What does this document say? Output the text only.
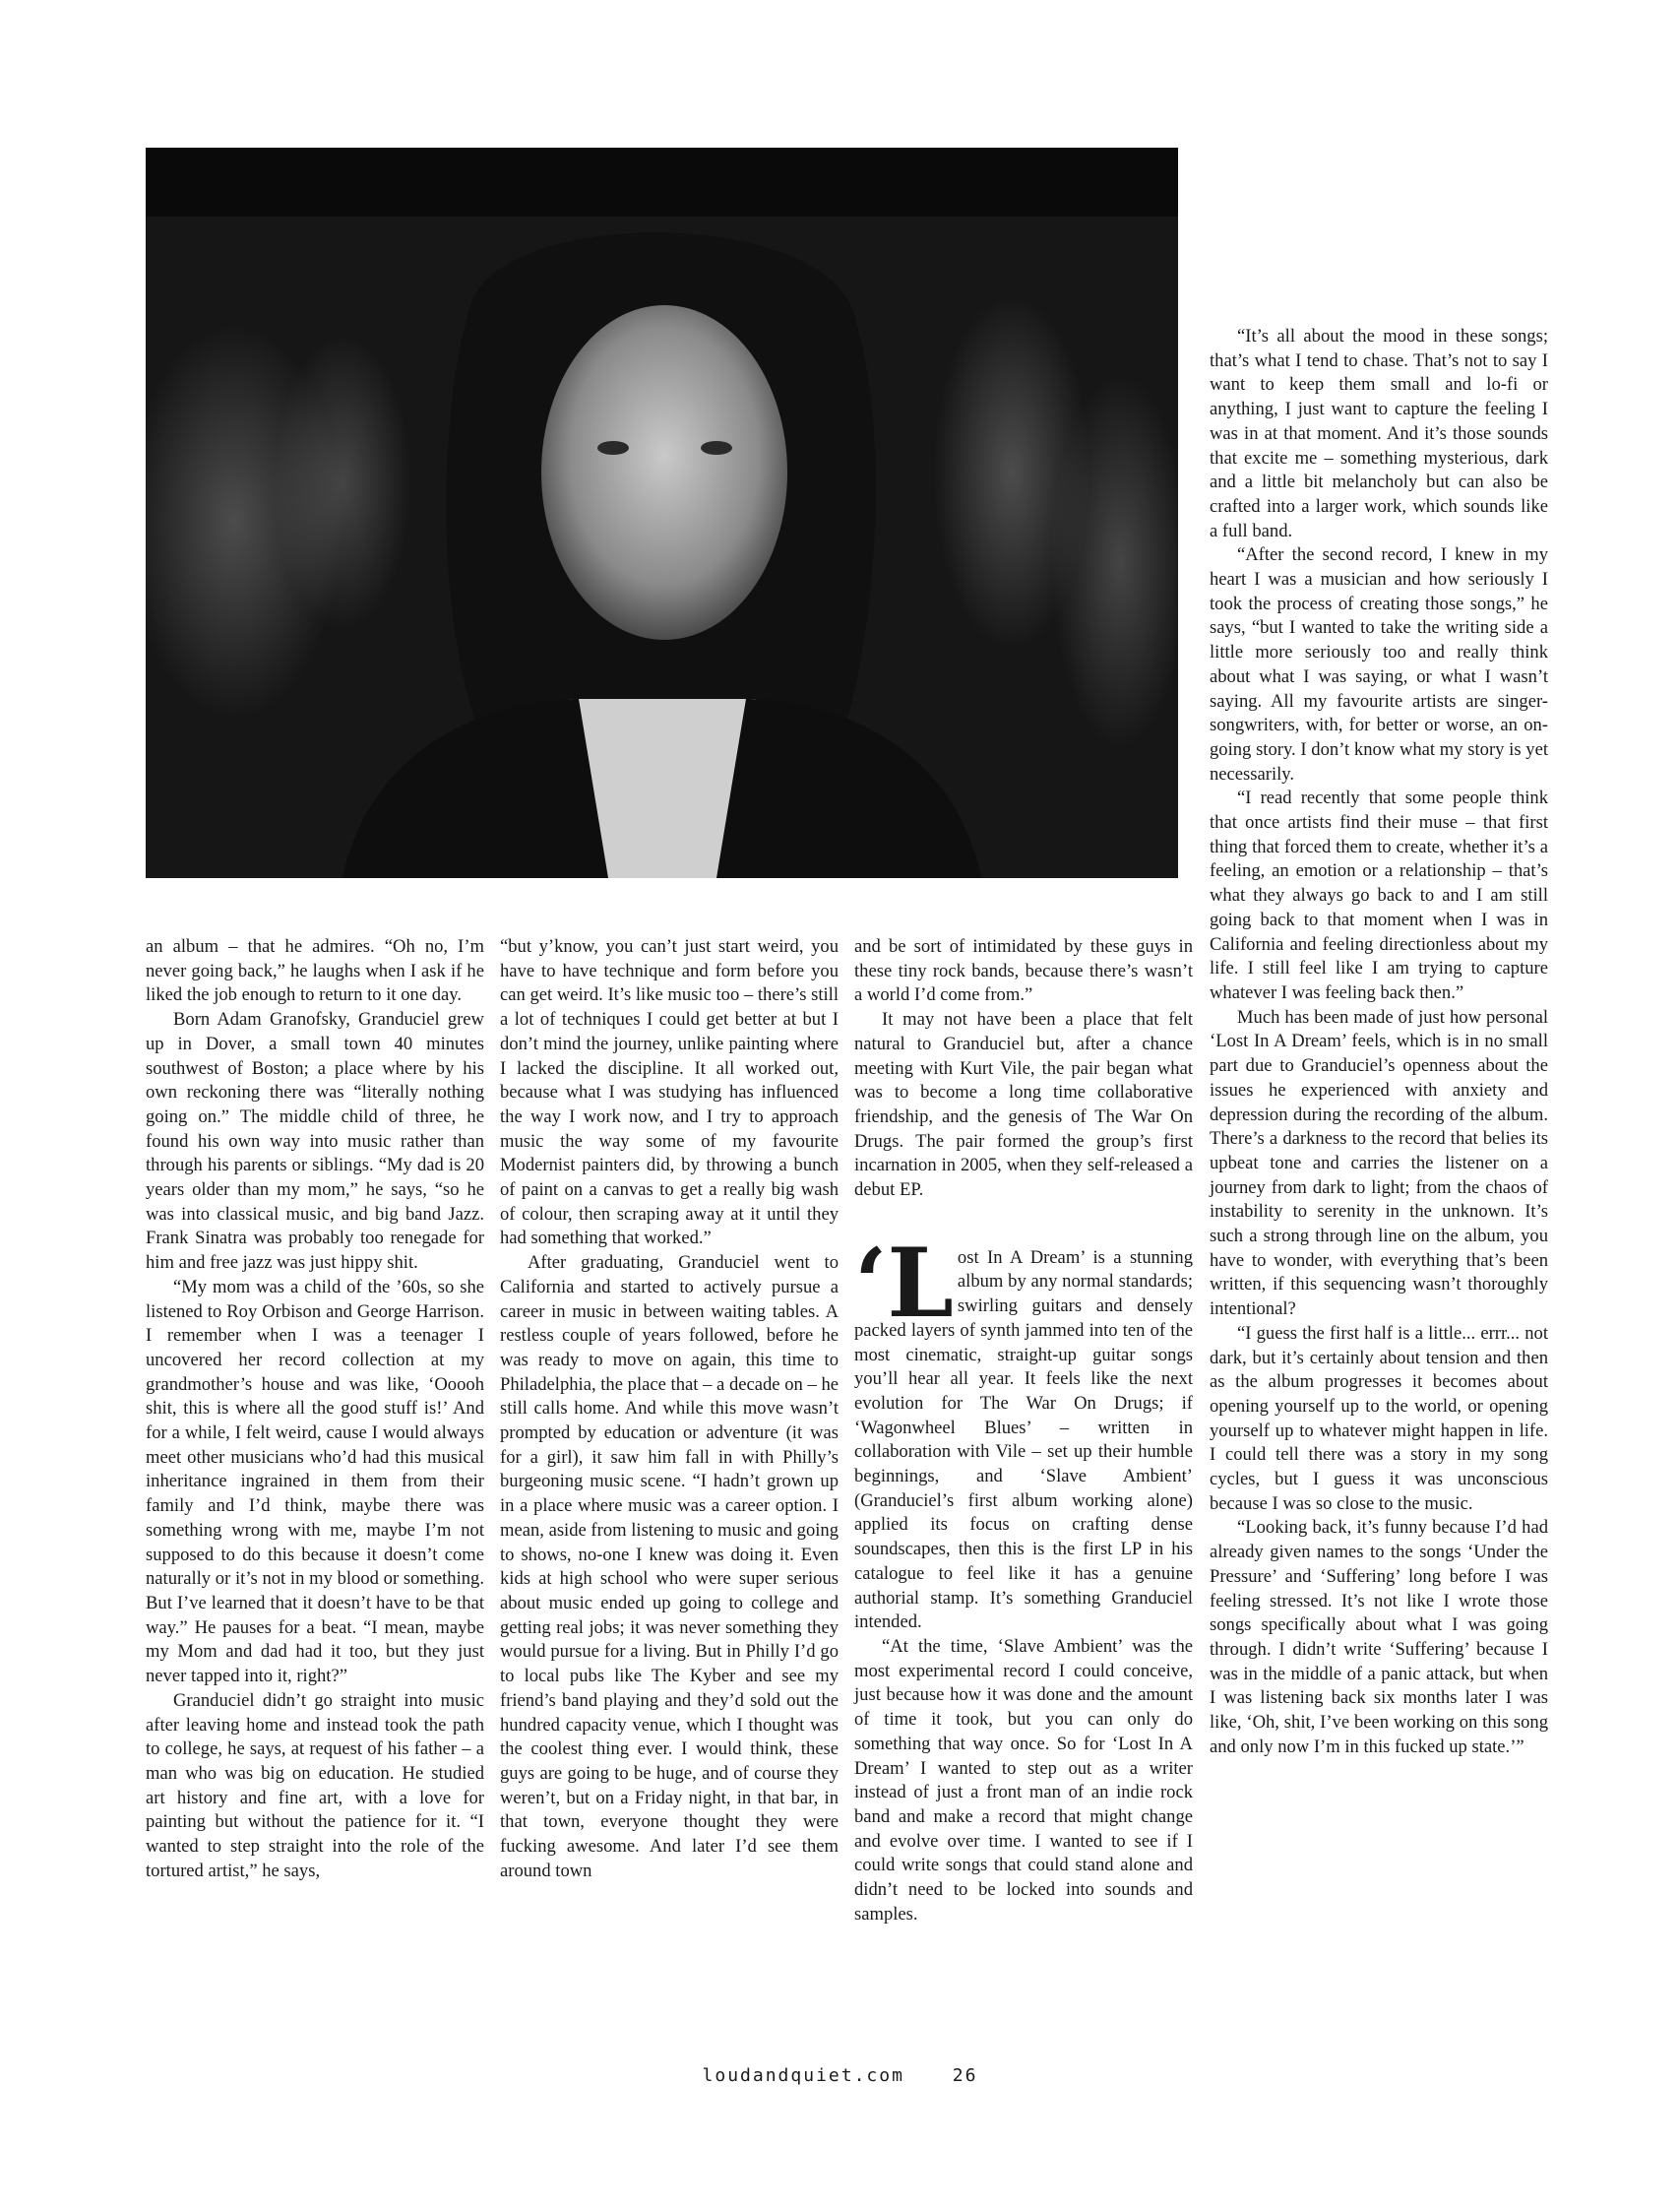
an album – that he admires. “Oh no, I’m never going back,” he laughs when I ask if he liked the job enough to return to it one day.

Born Adam Granofsky, Granduciel grew up in Dover, a small town 40 minutes southwest of Boston; a place where by his own reckoning there was “literally nothing going on.” The middle child of three, he found his own way into music rather than through his parents or siblings. “My dad is 20 years older than my mom,” he says, “so he was into classical music, and big band Jazz. Frank Sinatra was probably too renegade for him and free jazz was just hippy shit.

“My mom was a child of the ’60s, so she listened to Roy Orbison and George Harrison. I remember when I was a teenager I uncovered her record collection at my grandmother’s house and was like, ‘Ooooh shit, this is where all the good stuff is!’ And for a while, I felt weird, cause I would always meet other musicians who’d had this musical inheritance ingrained in them from their family and I’d think, maybe there was something wrong with me, maybe I’m not supposed to do this because it doesn’t come naturally or it’s not in my blood or something. But I’ve learned that it doesn’t have to be that way.” He pauses for a beat. “I mean, maybe my Mom and dad had it too, but they just never tapped into it, right?”

Granduciel didn’t go straight into music after leaving home and instead took the path to college, he says, at request of his father – a man who was big on education. He studied art history and fine art, with a love for painting but without the patience for it. “I wanted to step straight into the role of the tortured artist,” he says,

“but y’know, you can’t just start weird, you have to have technique and form before you can get weird. It’s like music too – there’s still a lot of techniques I could get better at but I don’t mind the journey, unlike painting where I lacked the discipline. It all worked out, because what I was studying has influenced the way I work now, and I try to approach music the way some of my favourite Modernist painters did, by throwing a bunch of paint on a canvas to get a really big wash of colour, then scraping away at it until they had something that worked.”

After graduating, Granduciel went to California and started to actively pursue a career in music in between waiting tables. A restless couple of years followed, before he was ready to move on again, this time to Philadelphia, the place that – a decade on – he still calls home. And while this move wasn’t prompted by education or adventure (it was for a girl), it saw him fall in with Philly’s burgeoning music scene. “I hadn’t grown up in a place where music was a career option. I mean, aside from listening to music and going to shows, no-one I knew was doing it. Even kids at high school who were super serious about music ended up going to college and getting real jobs; it was never something they would pursue for a living. But in Philly I’d go to local pubs like The Kyber and see my friend’s band playing and they’d sold out the hundred capacity venue, which I thought was the coolest thing ever. I would think, these guys are going to be huge, and of course they weren’t, but on a Friday night, in that bar, in that town, everyone thought they were fucking awesome. And later I’d see them around town

and be sort of intimidated by these guys in these tiny rock bands, because there’s wasn’t a world I’d come from.”

It may not have been a place that felt natural to Granduciel but, after a chance meeting with Kurt Vile, the pair began what was to become a long time collaborative friendship, and the genesis of The War On Drugs. The pair formed the group’s first incarnation in 2005, when they self-released a debut EP.

‘Lost In A Dream’ is a stunning album by any normal standards; swirling guitars and densely packed layers of synth jammed into ten of the most cinematic, straight-up guitar songs you’ll hear all year. It feels like the next evolution for The War On Drugs; if ‘Wagonwheel Blues’ – written in collaboration with Vile – set up their humble beginnings, and ‘Slave Ambient’ (Granduciel’s first album working alone) applied its focus on crafting dense soundscapes, then this is the first LP in his catalogue to feel like it has a genuine authorial stamp. It’s something Granduciel intended.

“At the time, ‘Slave Ambient’ was the most experimental record I could conceive, just because how it was done and the amount of time it took, but you can only do something that way once. So for ‘Lost In A Dream’ I wanted to step out as a writer instead of just a front man of an indie rock band and make a record that might change and evolve over time. I wanted to see if I could write songs that could stand alone and didn’t need to be locked into sounds and samples.

“It’s all about the mood in these songs; that’s what I tend to chase. That’s not to say I want to keep them small and lo-fi or anything, I just want to capture the feeling I was in at that moment. And it’s those sounds that excite me – something mysterious, dark and a little bit melancholy but can also be crafted into a larger work, which sounds like a full band.

“After the second record, I knew in my heart I was a musician and how seriously I took the process of creating those songs,” he says, “but I wanted to take the writing side a little more seriously too and really think about what I was saying, or what I wasn’t saying. All my favourite artists are singer-songwriters, with, for better or worse, an on-going story. I don’t know what my story is yet necessarily.

“I read recently that some people think that once artists find their muse – that first thing that forced them to create, whether it’s a feeling, an emotion or a relationship – that’s what they always go back to and I am still going back to that moment when I was in California and feeling directionless about my life. I still feel like I am trying to capture whatever I was feeling back then.”

Much has been made of just how personal ‘Lost In A Dream’ feels, which is in no small part due to Granduciel’s openness about the issues he experienced with anxiety and depression during the recording of the album. There’s a darkness to the record that belies its upbeat tone and carries the listener on a journey from dark to light; from the chaos of instability to serenity in the unknown. It’s such a strong through line on the album, you have to wonder, with everything that’s been written, if this sequencing wasn’t thoroughly intentional?

“I guess the first half is a little... errr... not dark, but it’s certainly about tension and then as the album progresses it becomes about opening yourself up to the world, or opening yourself up to whatever might happen in life. I could tell there was a story in my song cycles, but I guess it was unconscious because I was so close to the music.

“Looking back, it’s funny because I’d had already given names to the songs ‘Under the Pressure’ and ‘Suffering’ long before I was feeling stressed. It’s not like I wrote those songs specifically about what I was going through. I didn’t write ‘Suffering’ because I was in the middle of a panic attack, but when I was listening back six months later I was like, ‘Oh, shit, I’ve been working on this song and only now I’m in this fucked up state.’”

loudandquiet.com	26
